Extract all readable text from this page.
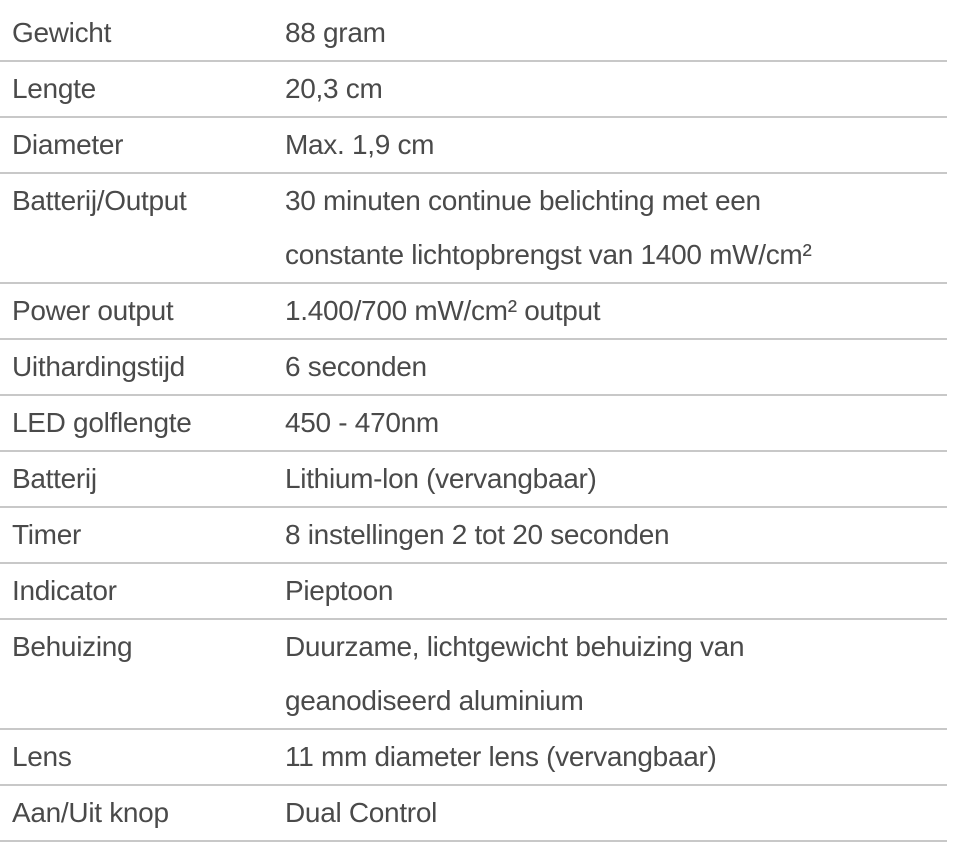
Gewicht	88 gram
Lengte	20,3 cm
Diameter	Max. 1,9 cm
Batterij/Output	30 minuten continue belichting met een
constante lichtopbrengst van 1400 mW/cm²
Power output	1.400/700 mW/cm² output
Uithardingstijd	6 seconden
LED golflengte	450 - 470nm
Batterij	Lithium-lon (vervangbaar)
Timer	8 instellingen 2 tot 20 seconden
Indicator	Pieptoon
Behuizing	Duurzame, lichtgewicht behuizing van
geanodiseerd aluminium
Lens	11 mm diameter lens (vervangbaar)
Aan/Uit knop	Dual Control
